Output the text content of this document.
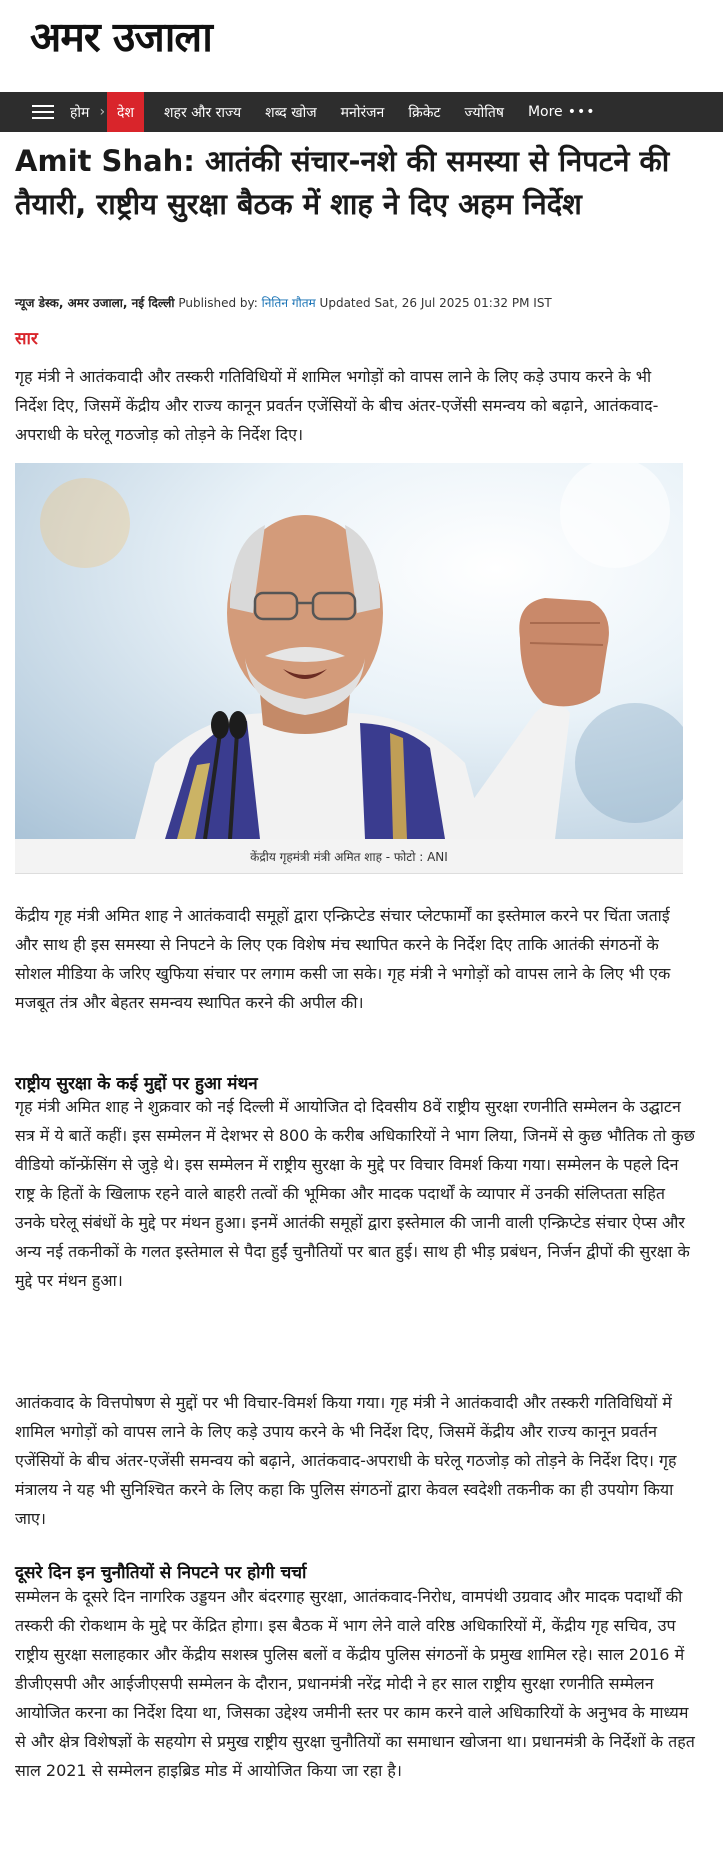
अमर उजाला
होम › देश	शहर और राज्य	शब्द खोज	मनोरंजन	क्रिकेट	ज्योतिष	More •••
Amit Shah: आतंकी संचार-नशे की समस्या से निपटने की तैयारी, राष्ट्रीय सुरक्षा बैठक में शाह ने दिए अहम निर्देश
न्यूज डेस्क, अमर उजाला, नई दिल्ली Published by: नितिन गौतम Updated Sat, 26 Jul 2025 01:32 PM IST
सार

गृह मंत्री ने आतंकवादी और तस्करी गतिविधियों में शामिल भगोड़ों को वापस लाने के लिए कड़े उपाय करने के भी निर्देश दिए, जिसमें केंद्रीय और राज्य कानून प्रवर्तन एजेंसियों के बीच अंतर-एजेंसी समन्वय को बढ़ाने, आतंकवाद-अपराधी के घरेलू गठजोड़ को तोड़ने के निर्देश दिए।

केंद्रीय गृहमंत्री मंत्री अमित शाह - फोटो : ANI

केंद्रीय गृह मंत्री अमित शाह ने आतंकवादी समूहों द्वारा एन्क्रिप्टेड संचार प्लेटफार्मों का इस्तेमाल करने पर चिंता जताई और साथ ही इस समस्या से निपटने के लिए एक विशेष मंच स्थापित करने के निर्देश दिए ताकि आतंकी संगठनों के सोशल मीडिया के जरिए खुफिया संचार पर लगाम कसी जा सके। गृह मंत्री ने भगोड़ों को वापस लाने के लिए भी एक मजबूत तंत्र और बेहतर समन्वय स्थापित करने की अपील की।

राष्ट्रीय सुरक्षा के कई मुद्दों पर हुआ मंथन

गृह मंत्री अमित शाह ने शुक्रवार को नई दिल्ली में आयोजित दो दिवसीय 8वें राष्ट्रीय सुरक्षा रणनीति सम्मेलन के उद्घाटन सत्र में ये बातें कहीं। इस सम्मेलन में देशभर से 800 के करीब अधिकारियों ने भाग लिया, जिनमें से कुछ भौतिक तो कुछ वीडियो कॉन्फ्रेंसिंग से जुड़े थे। इस सम्मेलन में राष्ट्रीय सुरक्षा के मुद्दे पर विचार विमर्श किया गया। सम्मेलन के पहले दिन राष्ट्र के हितों के खिलाफ रहने वाले बाहरी तत्वों की भूमिका और मादक पदार्थों के व्यापार में उनकी संलिप्तता सहित उनके घरेलू संबंधों के मुद्दे पर मंथन हुआ। इनमें आतंकी समूहों द्वारा इस्तेमाल की जानी वाली एन्क्रिप्टेड संचार ऐप्स और अन्य नई तकनीकों के गलत इस्तेमाल से पैदा हुईं चुनौतियों पर बात हुई। साथ ही भीड़ प्रबंधन, निर्जन द्वीपों की सुरक्षा के मुद्दे पर मंथन हुआ।

आतंकवाद के वित्तपोषण से मुद्दों पर भी विचार-विमर्श किया गया। गृह मंत्री ने आतंकवादी और तस्करी गतिविधियों में शामिल भगोड़ों को वापस लाने के लिए कड़े उपाय करने के भी निर्देश दिए, जिसमें केंद्रीय और राज्य कानून प्रवर्तन एजेंसियों के बीच अंतर-एजेंसी समन्वय को बढ़ाने, आतंकवाद-अपराधी के घरेलू गठजोड़ को तोड़ने के निर्देश दिए। गृह मंत्रालय ने यह भी सुनिश्चित करने के लिए कहा कि पुलिस संगठनों द्वारा केवल स्वदेशी तकनीक का ही उपयोग किया जाए।

दूसरे दिन इन चुनौतियों से निपटने पर होगी चर्चा

सम्मेलन के दूसरे दिन नागरिक उड्डयन और बंदरगाह सुरक्षा, आतंकवाद-निरोध, वामपंथी उग्रवाद और मादक पदार्थों की तस्करी की रोकथाम के मुद्दे पर केंद्रित होगा। इस बैठक में भाग लेने वाले वरिष्ठ अधिकारियों में, केंद्रीय गृह सचिव, उप राष्ट्रीय सुरक्षा सलाहकार और केंद्रीय सशस्त्र पुलिस बलों व केंद्रीय पुलिस संगठनों के प्रमुख शामिल रहे। साल 2016 में डीजीएसपी और आईजीएसपी सम्मेलन के दौरान, प्रधानमंत्री नरेंद्र मोदी ने हर साल राष्ट्रीय सुरक्षा रणनीति सम्मेलन आयोजित करना का निर्देश दिया था, जिसका उद्देश्य जमीनी स्तर पर काम करने वाले अधिकारियों के अनुभव के माध्यम से और क्षेत्र विशेषज्ञों के सहयोग से प्रमुख राष्ट्रीय सुरक्षा चुनौतियों का समाधान खोजना था। प्रधानमंत्री के निर्देशों के तहत साल 2021 से सम्मेलन हाइब्रिड मोड में आयोजित किया जा रहा है।
